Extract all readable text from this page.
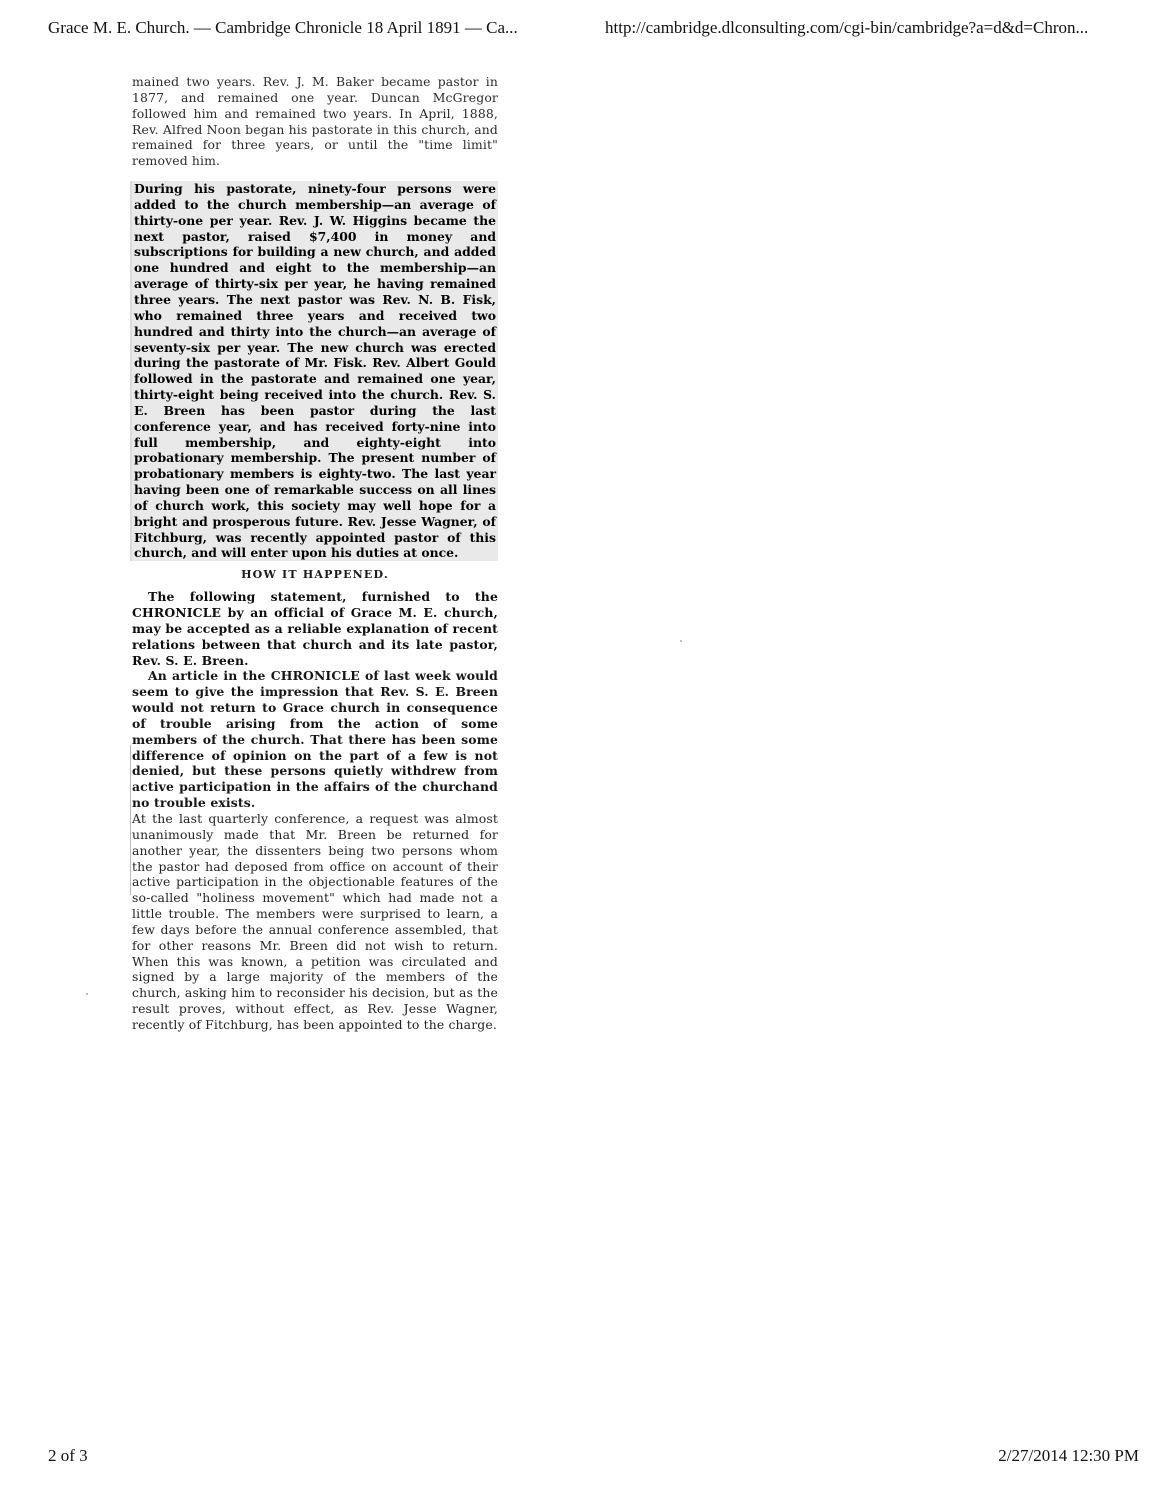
Grace M. E. Church. — Cambridge Chronicle 18 April 1891 — Ca...	http://cambridge.dlconsulting.com/cgi-bin/cambridge?a=d&d=Chron...

mained two years. Rev. J. M. Baker became pastor in 1877, and remained one year. Duncan McGregor followed him and remained two years. In April, 1888, Rev. Alfred Noon began his pastorate in this church, and remained for three years, or until the "time limit" removed him.

During his pastorate, ninety-four persons were added to the church membership—an average of thirty-one per year. Rev. J. W. Higgins became the next pastor, raised $7,400 in money and subscriptions for building a new church, and added one hundred and eight to the membership—an average of thirty-six per year, he having remained three years. The next pastor was Rev. N. B. Fisk, who remained three years and received two hundred and thirty into the church—an average of seventy-six per year. The new church was erected during the pastorate of Mr. Fisk. Rev. Albert Gould followed in the pastorate and remained one year, thirty-eight being received into the church. Rev. S. E. Breen has been pastor during the last conference year, and has received forty-nine into full membership, and eighty-eight into probationary membership. The present number of probationary members is eighty-two. The last year having been one of remarkable success on all lines of church work, this society may well hope for a bright and prosperous future. Rev. Jesse Wagner, of Fitchburg, was recently appointed pastor of this church, and will enter upon his duties at once.

HOW IT HAPPENED.

The following statement, furnished to the CHRONICLE by an official of Grace M. E. church, may be accepted as a reliable explanation of recent relations between that church and its late pastor, Rev. S. E. Breen.

An article in the CHRONICLE of last week would seem to give the impression that Rev. S. E. Breen would not return to Grace church in consequence of trouble arising from the action of some members of the church. That there has been some difference of opinion on the part of a few is not denied, but these persons quietly withdrew from active participation in the affairs of the churchand no trouble exists.

At the last quarterly conference, a request was almost unanimously made that Mr. Breen be returned for another year, the dissenters being two persons whom the pastor had deposed from office on account of their active participation in the objectionable features of the so-called "holiness movement" which had made not a little trouble. The members were surprised to learn, a few days before the annual conference assembled, that for other reasons Mr. Breen did not wish to return. When this was known, a petition was circulated and signed by a large majority of the members of the church, asking him to reconsider his decision, but as the result proves, without effect, as Rev. Jesse Wagner, recently of Fitchburg, has been appointed to the charge.

2 of 3	2/27/2014 12:30 PM
